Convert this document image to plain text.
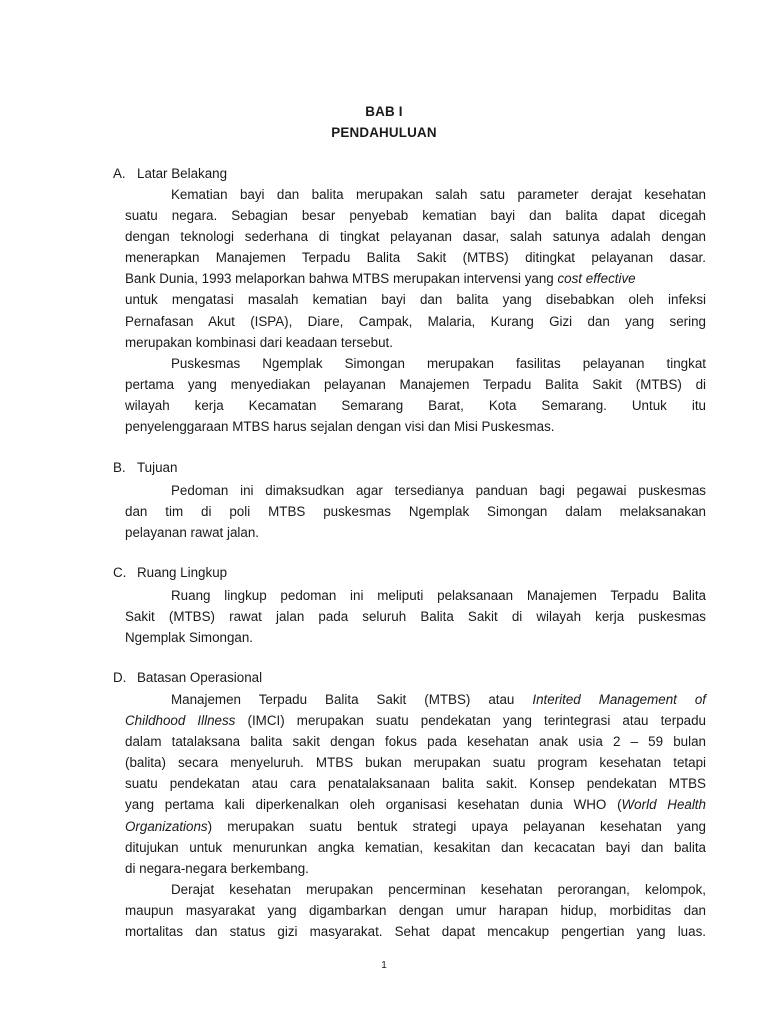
BAB I
PENDAHULUAN
A. Latar Belakang
Kematian bayi dan balita merupakan salah satu parameter derajat kesehatan
suatu negara. Sebagian besar penyebab kematian bayi dan balita dapat dicegah
dengan teknologi sederhana di tingkat pelayanan dasar, salah satunya adalah dengan
menerapkan Manajemen Terpadu Balita Sakit (MTBS) ditingkat pelayanan dasar.
Bank Dunia, 1993 melaporkan bahwa MTBS merupakan intervensi yang cost effective
untuk mengatasi masalah kematian bayi dan balita yang disebabkan oleh infeksi
Pernafasan Akut (ISPA), Diare, Campak, Malaria, Kurang Gizi dan yang sering
merupakan kombinasi dari keadaan tersebut.
Puskesmas Ngemplak Simongan merupakan fasilitas pelayanan tingkat
pertama yang menyediakan pelayanan Manajemen Terpadu Balita Sakit (MTBS) di
wilayah kerja Kecamatan Semarang Barat, Kota Semarang. Untuk itu
penyelenggaraan MTBS harus sejalan dengan visi dan Misi Puskesmas.
B. Tujuan
Pedoman ini dimaksudkan agar tersedianya panduan bagi pegawai puskesmas
dan tim di poli MTBS puskesmas Ngemplak Simongan dalam melaksanakan
pelayanan rawat jalan.
C. Ruang Lingkup
Ruang lingkup pedoman ini meliputi pelaksanaan Manajemen Terpadu Balita
Sakit (MTBS) rawat jalan pada seluruh Balita Sakit di wilayah kerja puskesmas
Ngemplak Simongan.
D. Batasan Operasional
Manajemen Terpadu Balita Sakit (MTBS) atau Interited Management of
Childhood Illness (IMCI) merupakan suatu pendekatan yang terintegrasi atau terpadu
dalam tatalaksana balita sakit dengan fokus pada kesehatan anak usia 2 – 59 bulan
(balita) secara menyeluruh. MTBS bukan merupakan suatu program kesehatan tetapi
suatu pendekatan atau cara penatalaksanaan balita sakit. Konsep pendekatan MTBS
yang pertama kali diperkenalkan oleh organisasi kesehatan dunia WHO (World Health
Organizations) merupakan suatu bentuk strategi upaya pelayanan kesehatan yang
ditujukan untuk menurunkan angka kematian, kesakitan dan kecacatan bayi dan balita
di negara-negara berkembang.
Derajat kesehatan merupakan pencerminan kesehatan perorangan, kelompok,
maupun masyarakat yang digambarkan dengan umur harapan hidup, morbiditas dan
mortalitas dan status gizi masyarakat. Sehat dapat mencakup pengertian yang luas.
1
